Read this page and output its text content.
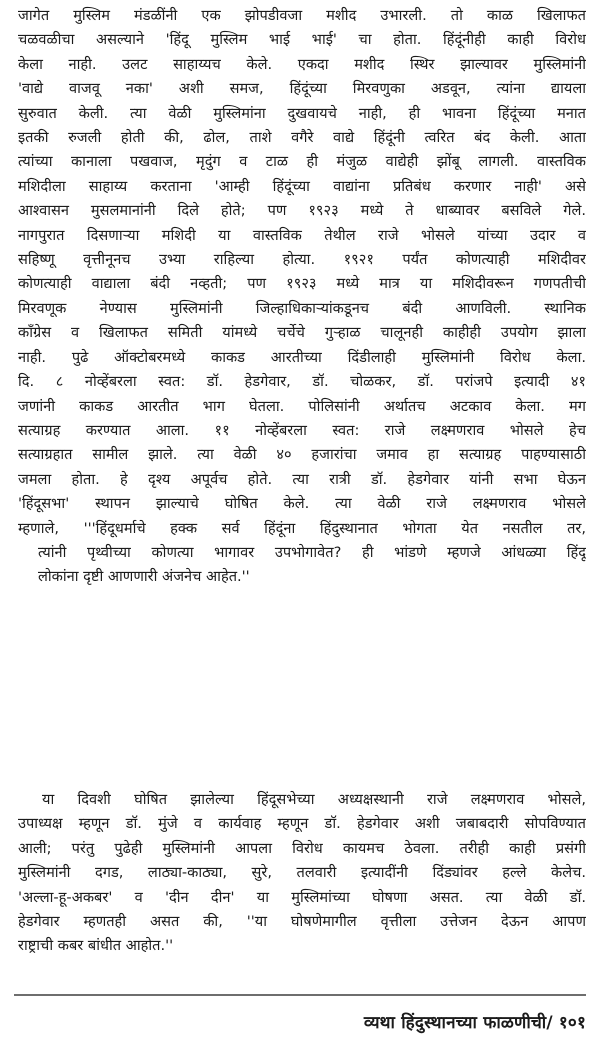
जागेत मुस्लिम मंडळींनी एक झोपडीवजा मशीद उभारली. तो काळ खिलाफत
चळवळीचा असल्याने 'हिंदू मुस्लिम भाई भाई' चा होता. हिंदूंनीही काही विरोध
केला नाही. उलट साहाय्यच केले. एकदा मशीद स्थिर झाल्यावर मुस्लिमांनी
'वाद्ये वाजवू नका' अशी समज, हिंदूंच्या मिरवणुका अडवून, त्यांना द्यायला
सुरुवात केली. त्या वेळी मुस्लिमांना दुखवायचे नाही, ही भावना हिंदूंच्या मनात
इतकी रुजली होती की, ढोल, ताशे वगैरे वाद्ये हिंदूंनी त्वरित बंद केली. आता
त्यांच्या कानाला पखवाज, मृदुंग व टाळ ही मंजुळ वाद्येही झोंबू लागली. वास्तविक
मशिदीला साहाय्य करताना 'आम्ही हिंदूंच्या वाद्यांना प्रतिबंध करणार नाही' असे
आश्वासन मुसलमानांनी दिले होते; पण १९२३ मध्ये ते धाब्यावर बसविले गेले.
नागपुरात दिसणाऱ्या मशिदी या वास्तविक तेथील राजे भोसले यांच्या उदार व
सहिष्णू वृत्तीनूनच उभ्या राहिल्या होत्या. १९२१ पर्यंत कोणत्याही मशिदीवर
कोणत्याही वाद्याला बंदी नव्हती; पण १९२३ मध्ये मात्र या मशिदीवरून गणपतीची
मिरवणूक नेण्यास मुस्लिमांनी जिल्हाधिकाऱ्यांकडूनच बंदी आणविली. स्थानिक
काँग्रेस व खिलाफत समिती यांमध्ये चर्चेचे गुऱ्हाळ चालूनही काहीही उपयोग झाला
नाही. पुढे ऑक्टोबरमध्ये काकड आरतीच्या दिंडीलाही मुस्लिमांनी विरोध केला.
दि. ८ नोव्हेंबरला स्वत: डॉ. हेडगेवार, डॉ. चोळकर, डॉ. परांजपे इत्यादी ४१
जणांनी काकड आरतीत भाग घेतला. पोलिसांनी अर्थातच अटकाव केला. मग
सत्याग्रह करण्यात आला. ११ नोव्हेंबरला स्वत: राजे लक्ष्मणराव भोसले हेच
सत्याग्रहात सामील झाले. त्या वेळी ४० हजारांचा जमाव हा सत्याग्रह पाहण्यासाठी
जमला होता. हे दृश्य अपूर्वच होते. त्या रात्री डॉ. हेडगेवार यांनी सभा घेऊन
'हिंदूसभा' स्थापन झाल्याचे घोषित केले. त्या वेळी राजे लक्ष्मणराव भोसले
म्हणाले, '''हिंदूधर्माचे हक्क सर्व हिंदूंना हिंदुस्थानात भोगता येत नसतील तर,
त्यांनी पृथ्वीच्या कोणत्या भागावर उपभोगावेत? ही भांडणे म्हणजे आंधळ्या हिंदू
लोकांना दृष्टी आणणारी अंजनेच आहेत.''
या दिवशी घोषित झालेल्या हिंदूसभेच्या अध्यक्षस्थानी राजे लक्ष्मणराव भोसले,
उपाध्यक्ष म्हणून डॉ. मुंजे व कार्यवाह म्हणून डॉ. हेडगेवार अशी जबाबदारी सोपविण्यात
आली; परंतु पुढेही मुस्लिमांनी आपला विरोध कायमच ठेवला. तरीही काही प्रसंगी
मुस्लिमांनी दगड, लाठ्या-काठ्या, सुरे, तलवारी इत्यादींनी दिंड्यांवर हल्ले केलेच.
'अल्ला-हू-अकबर' व 'दीन दीन' या मुस्लिमांच्या घोषणा असत. त्या वेळी डॉ.
हेडगेवार म्हणतही असत की, ''या घोषणेमागील वृत्तीला उत्तेजन देऊन आपण
राष्ट्राची कबर बांधीत आहोत.''
व्यथा हिंदुस्थानच्या फाळणीची/ १०१
